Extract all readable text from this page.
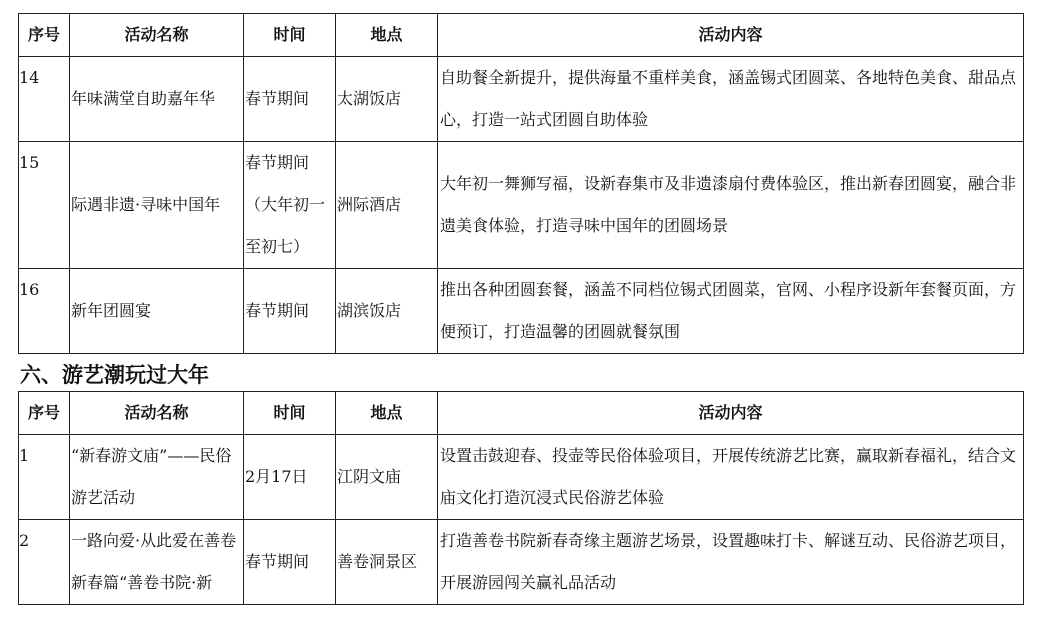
序号	活动名称	时间	地点	活动内容
14	年味满堂自助嘉年华	春节期间	太湖饭店	自助餐全新提升，提供海量不重样美食，涵盖锡式团圆菜、各地特色美食、甜品点心，打造一站式团圆自助体验
15	际遇非遗·寻味中国年	春节期间（大年初一至初七）	洲际酒店	大年初一舞狮写福，设新春集市及非遗漆扇付费体验区，推出新春团圆宴，融合非遗美食体验，打造寻味中国年的团圆场景
16	新年团圆宴	春节期间	湖滨饭店	推出各种团圆套餐，涵盖不同档位锡式团圆菜，官网、小程序设新年套餐页面，方便预订，打造温馨的团圆就餐氛围
六、游艺潮玩过大年
序号	活动名称	时间	地点	活动内容
1	“新春游文庙”——民俗游艺活动	2月17日	江阴文庙	设置击鼓迎春、投壶等民俗体验项目，开展传统游艺比赛，赢取新春福礼，结合文庙文化打造沉浸式民俗游艺体验
2	一路向爱·从此爱在善卷新春篇“善卷书院·新	春节期间	善卷洞景区	打造善卷书院新春奇缘主题游艺场景，设置趣味打卡、解谜互动、民俗游艺项目，开展游园闯关赢礼品活动
